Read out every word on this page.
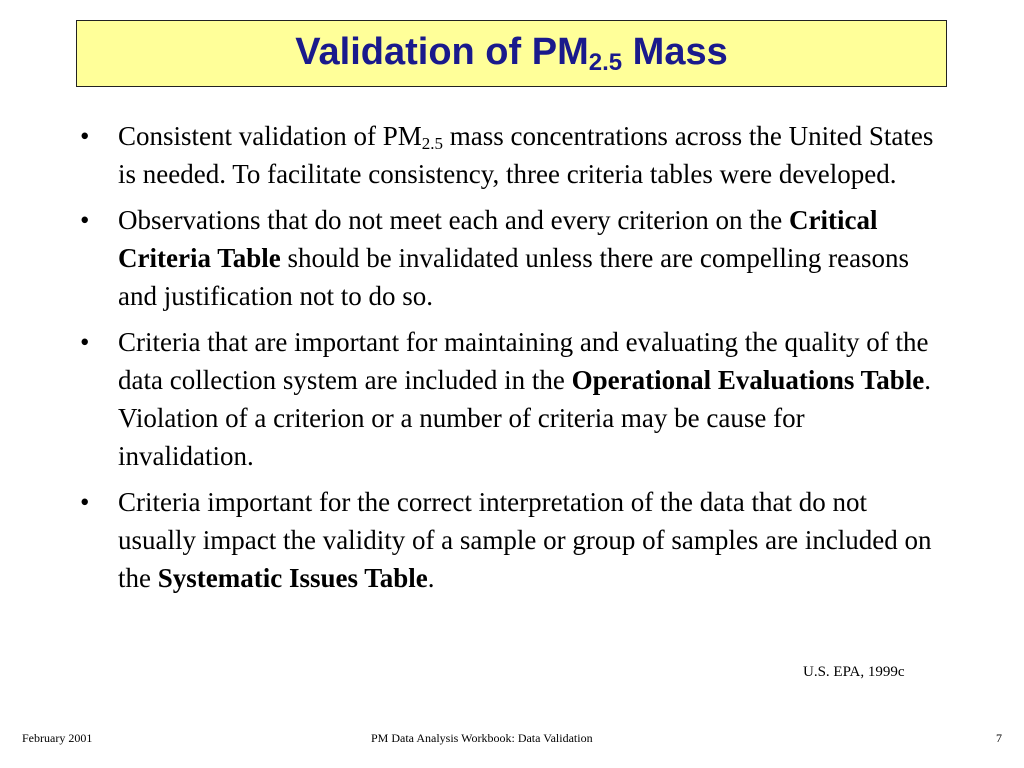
Validation of $PM_{2.5}$ Mass
•	Consistent validation of $PM_{2.5}$ mass concentrations across the United States is needed. To facilitate consistency, three criteria tables were developed.
•	Observations that do not meet each and every criterion on the Critical Criteria Table should be invalidated unless there are compelling reasons and justification not to do so.
•	Criteria that are important for maintaining and evaluating the quality of the data collection system are included in the Operational Evaluations Table. Violation of a criterion or a number of criteria may be cause for invalidation.
•	Criteria important for the correct interpretation of the data that do not usually impact the validity of a sample or group of samples are included on the Systematic Issues Table.
U.S. EPA, 1999c
February 2001	PM Data Analysis Workbook: Data Validation	7
